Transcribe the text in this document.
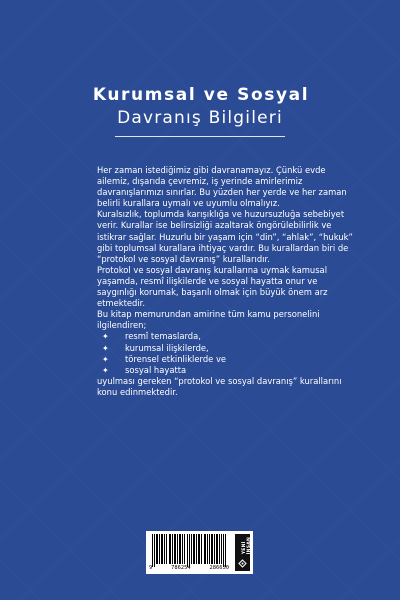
Kurumsal ve Sosyal
Davranış Bilgileri

Her zaman istediğimiz gibi davranamayız. Çünkü evde ailemiz, dışarıda çevremiz, iş yerinde amirlerimiz davranışlarımızı sınırlar. Bu yüzden her yerde ve her zaman belirli kurallara uymalı ve uyumlu olmalıyız.

Kuralsızlık, toplumda karışıklığa ve huzursuzluğa sebebiyet verir. Kurallar ise belirsizliği azaltarak öngörülebilirlik ve istikrar sağlar. Huzurlu bir yaşam için “din”, “ahlak”, “hukuk” gibi toplumsal kurallara ihtiyaç vardır. Bu kurallardan biri de “protokol ve sosyal davranış” kurallarıdır.

Protokol ve sosyal davranış kurallarına uymak kamusal yaşamda, resmî ilişkilerde ve sosyal hayatta onur ve saygınlığı korumak, başarılı olmak için büyük önem arz etmektedir.

Bu kitap memurundan amirine tüm kamu personelini ilgilendiren;

✦ resmî temaslarda,
✦ kurumsal ilişkilerde,
✦ törensel etkinliklerde ve
✦ sosyal hayatta

uyulması gereken “protokol ve sosyal davranış” kurallarını konu edinmektedir.

9	786254	286650
YENİ
İNSAN
